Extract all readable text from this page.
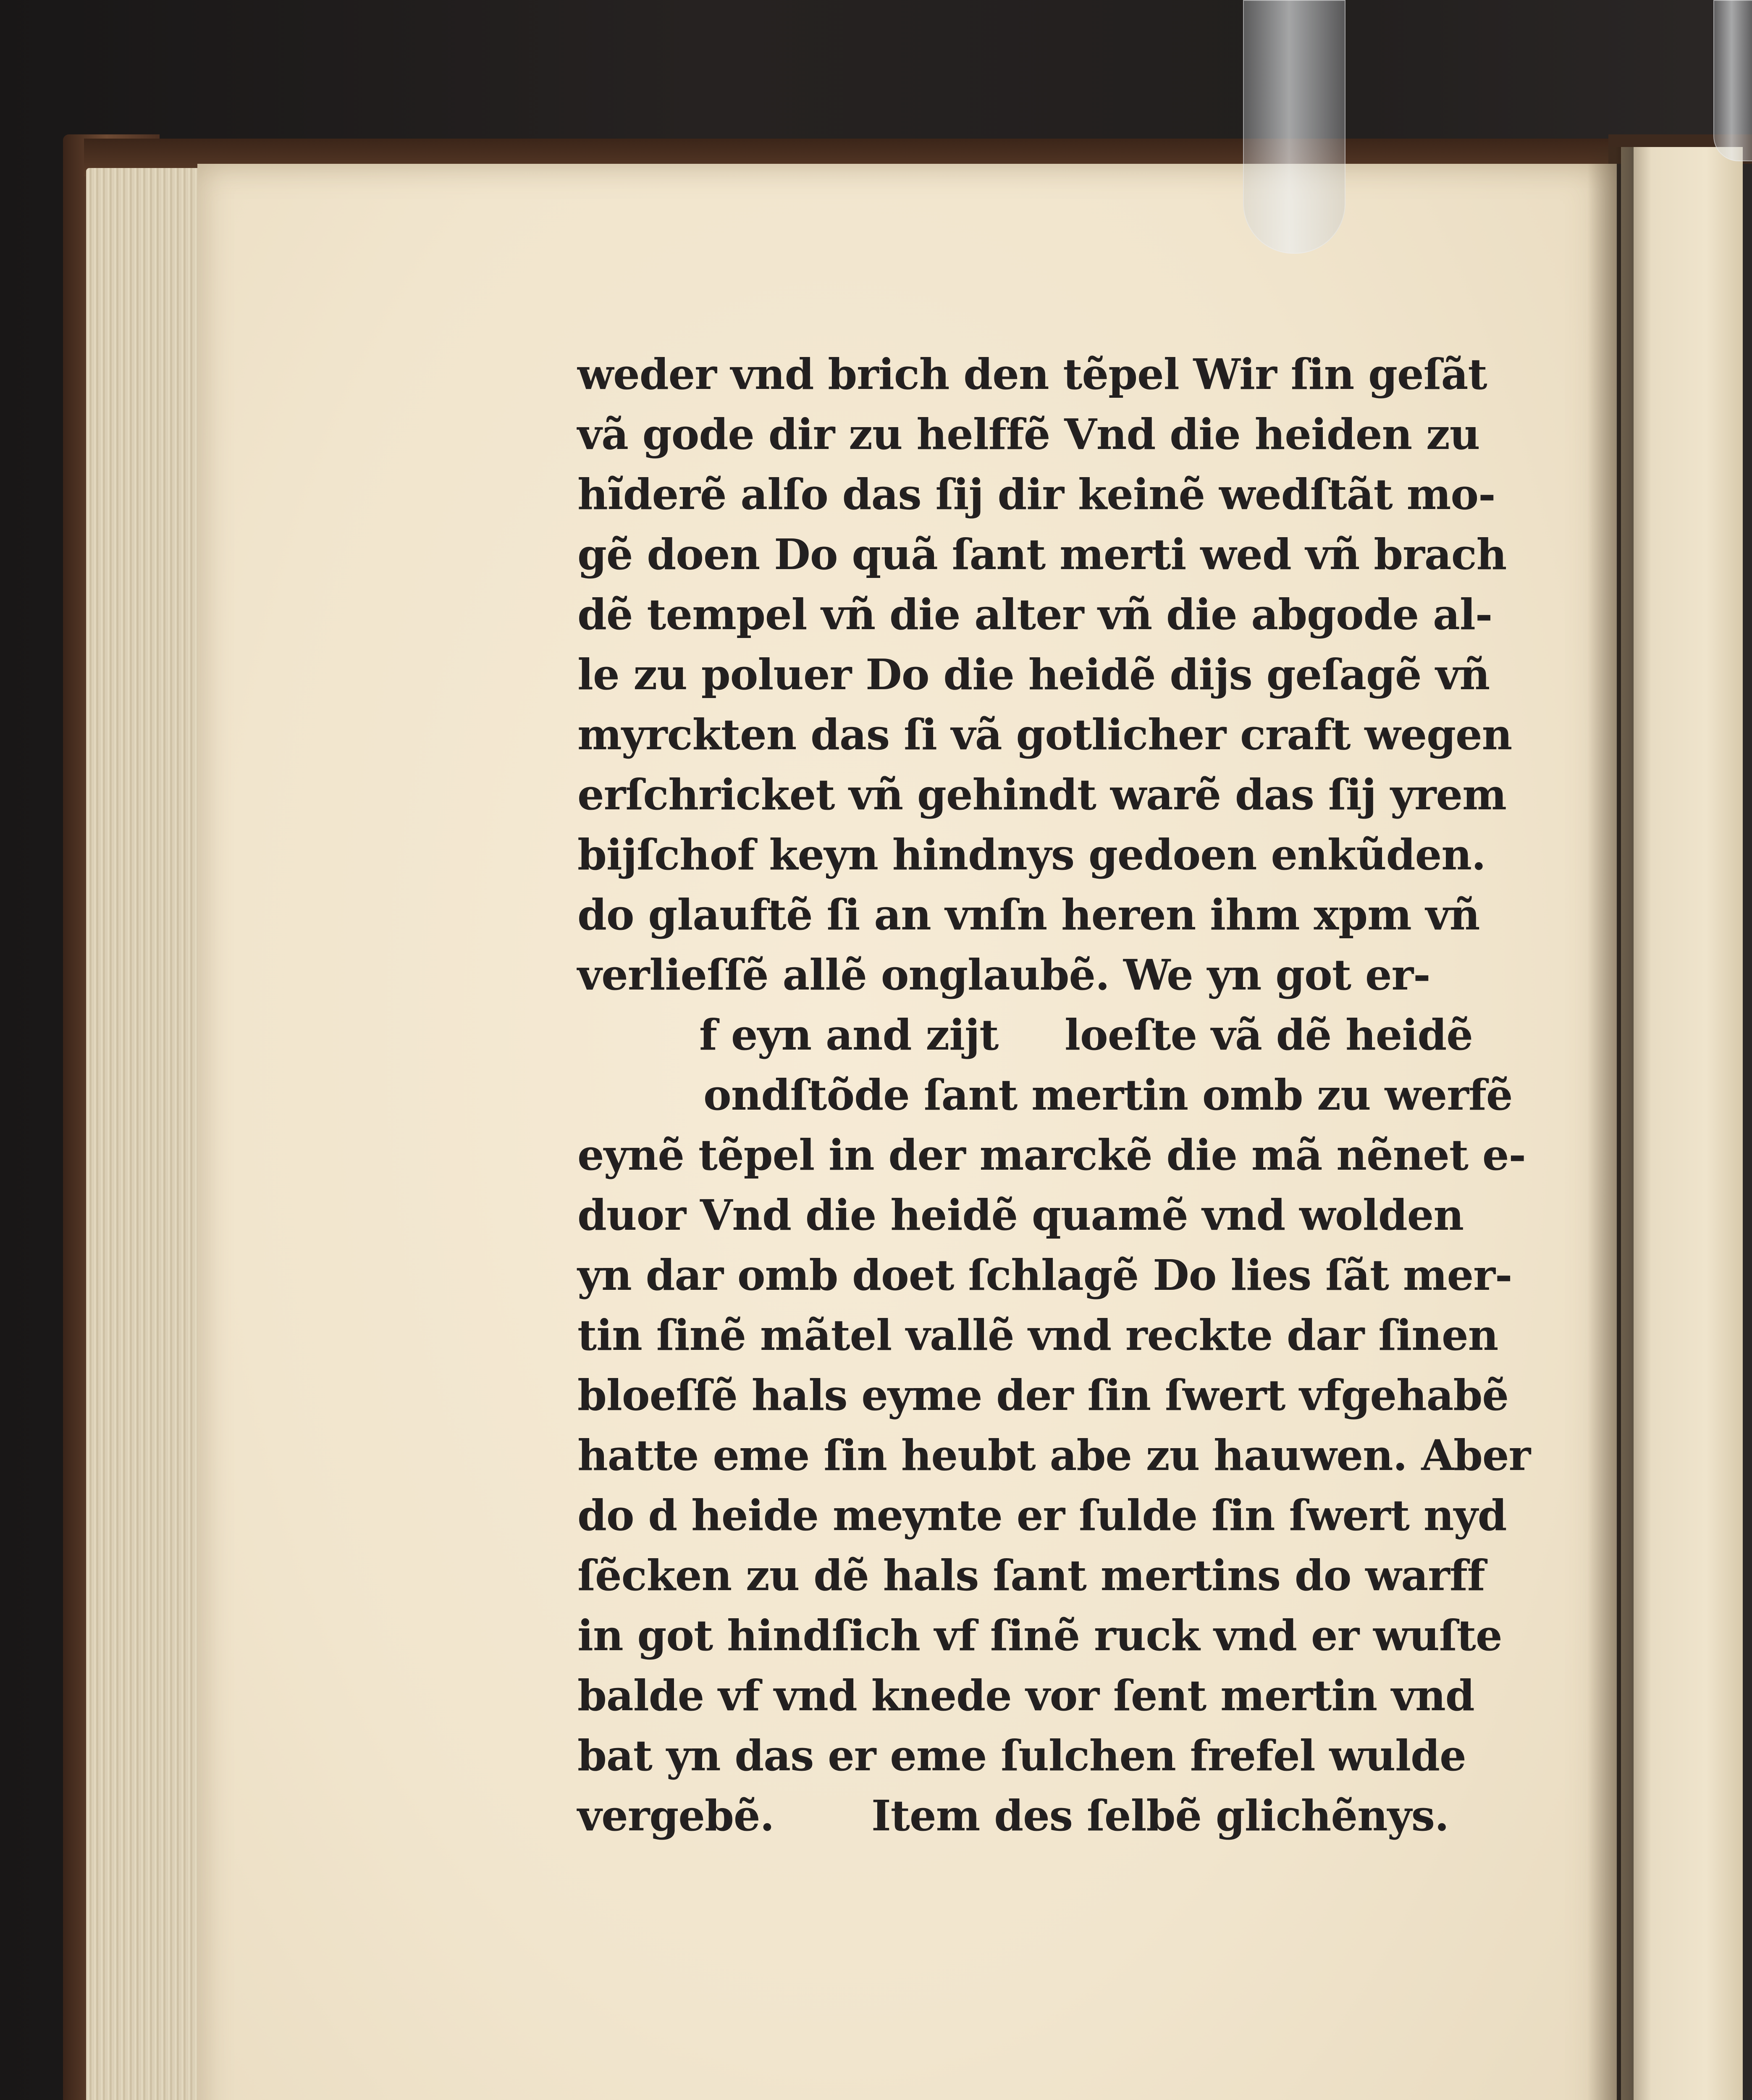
weder vnd brich den tẽpel Wir ſin geſãt
vã gode dir zu helffẽ Vnd die heiden zu
hĩderẽ alſo das ſij dir keinẽ wedſtãt mo-
gẽ doen Do quã ſant merti wed vñ brach
dẽ tempel vñ die alter vñ die abgode al-
le zu poluer Do die heidẽ dijs geſagẽ vñ
myrckten das ſi vã gotlicher craft wegen
erſchricket vñ gehindt warẽ das ſij yrem
bijſchof keyn hindnys gedoen enkũden.
do glauftẽ ſi an vnſn heren ihm xpm vñ
verlieſſẽ allẽ onglaubẽ. We yn got er-
f eyn and zijt loeſte vã dẽ heidẽ
ondſtõde ſant mertin omb zu werfẽ
eynẽ tẽpel in der marckẽ die mã nẽnet e-
duor Vnd die heidẽ quamẽ vnd wolden
yn dar omb doet ſchlagẽ Do lies ſãt mer-
tin ſinẽ mãtel vallẽ vnd reckte dar ſinen
bloeſſẽ hals eyme der ſin ſwert vfgehabẽ
hatte eme ſin heubt abe zu hauwen. Aber
do d heide meynte er ſulde ſin ſwert nyd
ſẽcken zu dẽ hals ſant mertins do warff
in got hindſich vf ſinẽ ruck vnd er wuſte
balde vf vnd knede vor ſent mertin vnd
bat yn das er eme ſulchen frefel wulde
vergebẽ. Item des ſelbẽ glichẽnys.
